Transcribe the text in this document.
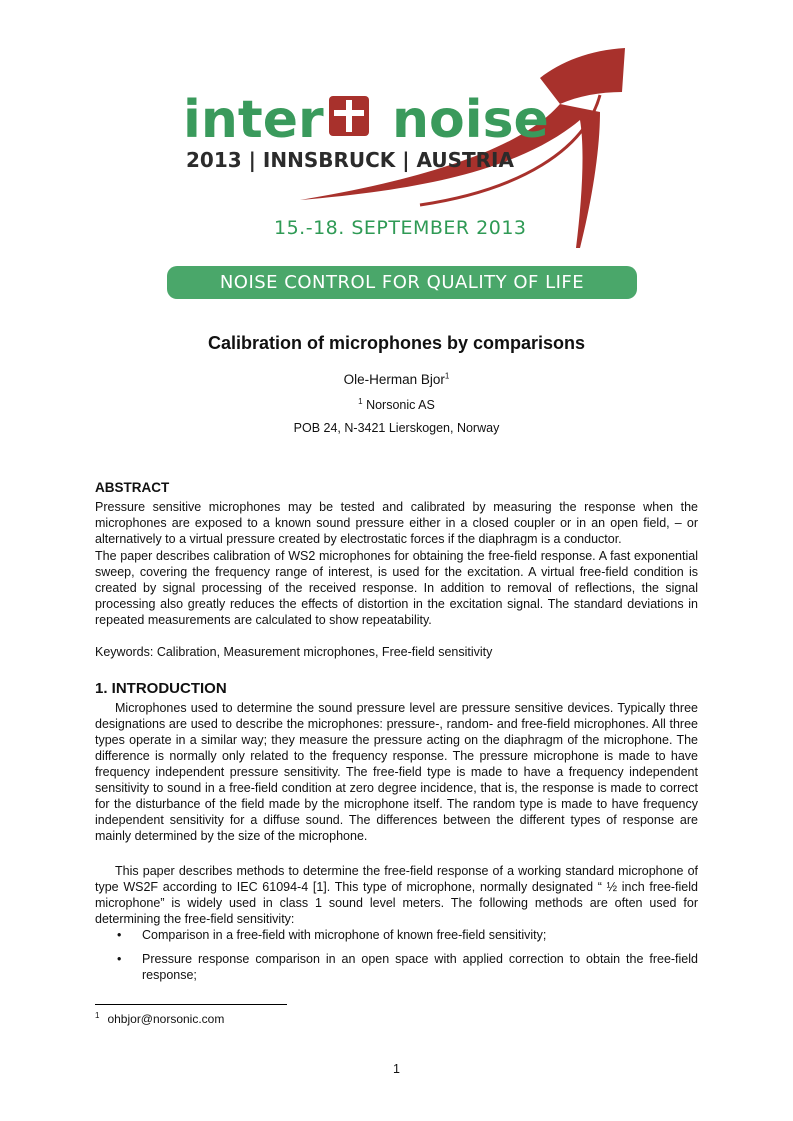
inter noise
2013 | INNSBRUCK | AUSTRIA
15.-18. SEPTEMBER 2013
NOISE CONTROL FOR QUALITY OF LIFE
Calibration of microphones by comparisons
Ole-Herman Bjor$^1$
$^1$ Norsonic AS
POB 24, N-3421 Lierskogen, Norway
ABSTRACT
Pressure sensitive microphones may be tested and calibrated by measuring the response when the microphones are exposed to a known sound pressure either in a closed coupler or in an open field, – or alternatively to a virtual pressure created by electrostatic forces if the diaphragm is a conductor.
The paper describes calibration of WS2 microphones for obtaining the free-field response. A fast exponential sweep, covering the frequency range of interest, is used for the excitation. A virtual free-field condition is created by signal processing of the received response. In addition to removal of reflections, the signal processing also greatly reduces the effects of distortion in the excitation signal. The standard deviations in repeated measurements are calculated to show repeatability.
Keywords: Calibration, Measurement microphones, Free-field sensitivity
1. INTRODUCTION
Microphones used to determine the sound pressure level are pressure sensitive devices. Typically three designations are used to describe the microphones: pressure-, random- and free-field microphones. All three types operate in a similar way; they measure the pressure acting on the diaphragm of the microphone. The difference is normally only related to the frequency response. The pressure microphone is made to have frequency independent pressure sensitivity. The free-field type is made to have a frequency independent sensitivity to sound in a free-field condition at zero degree incidence, that is, the response is made to correct for the disturbance of the field made by the microphone itself. The random type is made to have frequency independent sensitivity for a diffuse sound. The differences between the different types of response are mainly determined by the size of the microphone.
This paper describes methods to determine the free-field response of a working standard microphone of type WS2F according to IEC 61094-4 [1]. This type of microphone, normally designated “ ½ inch free-field microphone” is widely used in class 1 sound level meters. The following methods are often used for determining the free-field sensitivity:
• Comparison in a free-field with microphone of known free-field sensitivity;
• Pressure response comparison in an open space with applied correction to obtain the free-field response;
$^1$ ohbjor@norsonic.com
1
